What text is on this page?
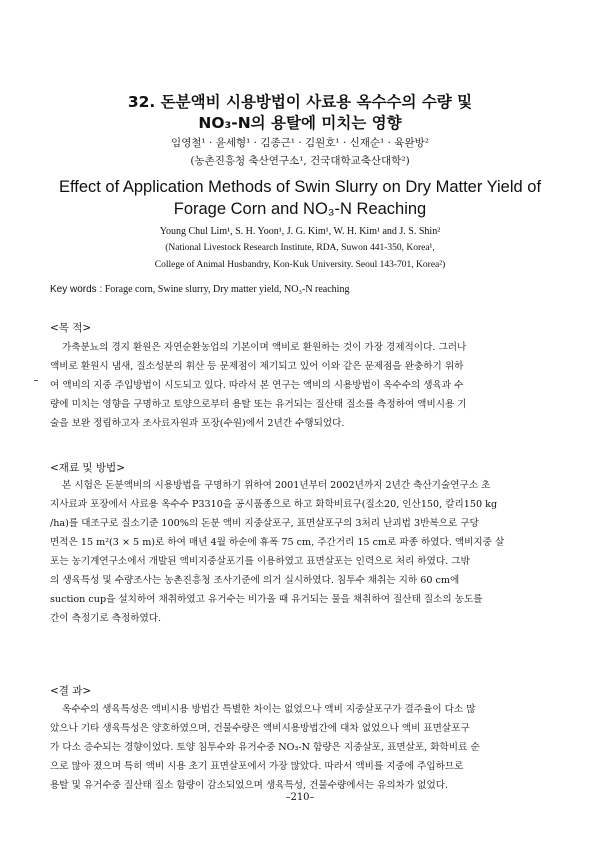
32. 돈분액비 시용방법이 사료용 옥수수의 수량 및
NO₃-N의 용탈에 미치는 영향
임영철¹ · 윤세형¹ · 김종근¹ · 김원호¹ · 신재순¹ · 육완방²
(농촌진흥청 축산연구소¹, 건국대학교축산대학²)
Effect of Application Methods of Swin Slurry on Dry Matter Yield of
Forage Corn and NO₃-N Reaching
Young Chul Lim¹, S. H. Yoon¹, J. G. Kim¹, W. H. Kim¹ and J. S. Shin²
(National Livestock Research Institute, RDA, Suwon 441-350, Korea¹,
College of Animal Husbandry, Kon-Kuk University. Seoul 143-701, Korea²)
Key words : Forage corn, Swine slurry, Dry matter yield, NO₃-N reaching
<목 적>
가축분뇨의 경지 환원은 자연순환농업의 기본이며 액비로 환원하는 것이 가장 경제적이다. 그러나
액비로 환원시 냄새, 질소성분의 휘산 등 문제점이 제기되고 있어 이와 같은 문제점을 완충하기 위하
여 액비의 지중 주입방법이 시도되고 있다. 따라서 본 연구는 액비의 시용방법이 옥수수의 생육과 수
량에 미치는 영향을 구명하고 토양으로부터 용탈 또는 유거되는 질산태 질소를 측정하여 액비시용 기
술을 보완 정립하고자 조사료자원과 포장(수원)에서 2년간 수행되었다.
<재료 및 방법>
본 시험은 돈분액비의 시용방법을 구명하기 위하여 2001년부터 2002년까지 2년간 축산기술연구소 초
지사료과 포장에서 사료용 옥수수 P3310을 공시품종으로 하고 화학비료구(질소20, 인산150, 칼리150 kg
/ha)를 대조구로 질소기준 100%의 돈분 액비 지중살포구, 표면살포구의 3처리 난괴법 3반복으로 구당
면적은 15 m²(3 × 5 m)로 하여 매년 4월 하순에 휴폭 75 cm, 주간거리 15 cm로 파종 하였다. 액비지중 살
포는 농기계연구소에서 개발된 액비지중살포기를 이용하였고 표면살포는 인력으로 처리 하였다. 그밖
의 생육특성 및 수량조사는 농촌진흥청 조사기준에 의거 실시하였다. 침투수 채취는 지하 60 cm에
suction cup을 설치하여 채취하였고 유거수는 비가올 때 유거되는 물을 채취하여 질산태 질소의 농도를
간이 측정기로 측정하였다.
<결 과>
옥수수의 생육특성은 액비시용 방법간 특별한 차이는 없었으나 액비 지중살포구가 결주율이 다소 많
았으나 기타 생육특성은 양호하였으며, 건물수량은 액비시용방법간에 대차 없었으나 액비 표면살포구
가 다소 증수되는 경향이었다. 토양 침투수와 유거수중 NO₃-N 함량은 지중살포, 표면살포, 화학비료 순
으로 많아 졌으며 특히 액비 시용 초기 표면살포에서 가장 많았다. 따라서 액비를 지중에 주입하므로
용탈 및 유거수중 질산태 질소 함량이 감소되었으며 생육특성, 건물수량에서는 유의차가 없었다.
–210–
